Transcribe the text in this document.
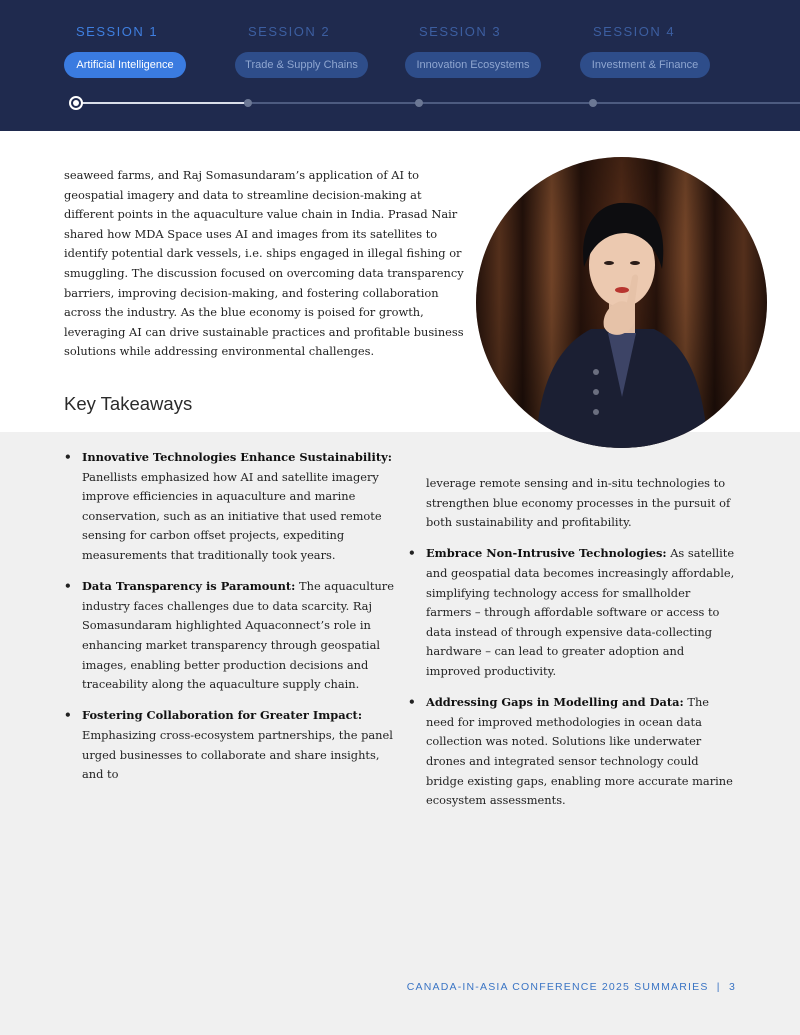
SESSION 1	SESSION 2	SESSION 3	SESSION 4
Artificial Intelligence	Trade & Supply Chains	Innovation Ecosystems	Investment & Finance

seaweed farms, and Raj Somasundaram’s application of AI to geospatial imagery and data to streamline decision-making at different points in the aquaculture value chain in India. Prasad Nair shared how MDA Space uses AI and images from its satellites to identify potential dark vessels, i.e. ships engaged in illegal fishing or smuggling. The discussion focused on overcoming data transparency barriers, improving decision-making, and fostering collaboration across the industry. As the blue economy is poised for growth, leveraging AI can drive sustainable practices and profitable business solutions while addressing environmental challenges.

Key Takeaways
• Innovative Technologies Enhance Sustainability: Panellists emphasized how AI and satellite imagery improve efficiencies in aquaculture and marine conservation, such as an initiative that used remote sensing for carbon offset projects, expediting measurements that traditionally took years.
• Data Transparency is Paramount: The aquaculture industry faces challenges due to data scarcity. Raj Somasundaram highlighted Aquaconnect’s role in enhancing market transparency through geospatial images, enabling better production decisions and traceability along the aquaculture supply chain.
• Fostering Collaboration for Greater Impact:
Emphasizing cross-ecosystem partnerships, the panel urged businesses to collaborate and share insights, and to
leverage remote sensing and in-situ technologies to strengthen blue economy processes in the pursuit of both sustainability and profitability.
• Embrace Non-Intrusive Technologies: As satellite and geospatial data becomes increasingly affordable, simplifying technology access for smallholder farmers – through affordable software or access to data instead of through expensive data-collecting hardware – can lead to greater adoption and improved productivity.
• Addressing Gaps in Modelling and Data: The need for improved methodologies in ocean data collection was noted. Solutions like underwater drones and integrated sensor technology could bridge existing gaps, enabling more accurate marine ecosystem assessments.
CANADA-IN-ASIA CONFERENCE 2025 SUMMARIES  |  3
